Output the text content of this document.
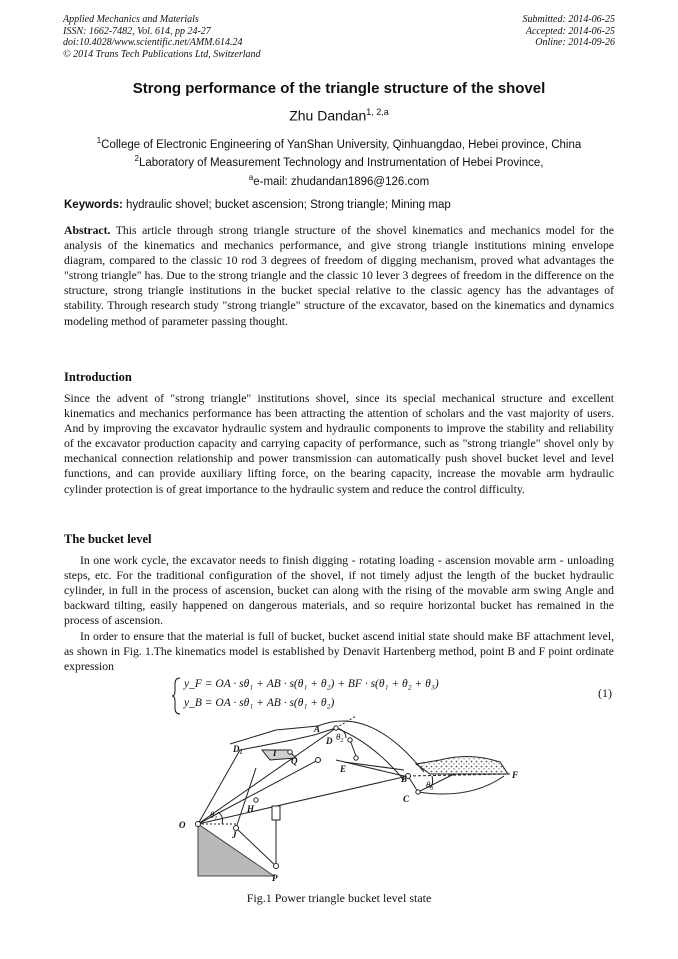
Applied Mechanics and Materials
ISSN: 1662-7482, Vol. 614, pp 24-27
doi:10.4028/www.scientific.net/AMM.614.24
© 2014 Trans Tech Publications Ltd, Switzerland
Submitted: 2014-06-25
Accepted: 2014-06-25
Online: 2014-09-26
Strong performance of the triangle structure of the shovel
Zhu Dandan$^{1, 2,a}$
$^1$College of Electronic Engineering of YanShan University, Qinhuangdao, Hebei province, China
$^2$Laboratory of Measurement Technology and Instrumentation of Hebei Province,
$^a$e-mail: zhudandan1896@126.com
Keywords: hydraulic shovel; bucket ascension; Strong triangle; Mining map
Abstract. This article through strong triangle structure of the shovel kinematics and mechanics model for the analysis of the kinematics and mechanics performance, and give strong triangle institutions mining envelope diagram, compared to the classic 10 rod 3 degrees of freedom of digging mechanism, proved what advantages the "strong triangle" has. Due to the strong triangle and the classic 10 lever 3 degrees of freedom in the difference on the structure, strong triangle institutions in the bucket special relative to the classic agency has the advantages of stability. Through research study "strong triangle" structure of the excavator, based on the kinematics and dynamics modeling method of parameter passing thought.
Introduction
Since the advent of "strong triangle" institutions shovel, since its special mechanical structure and excellent kinematics and mechanics performance has been attracting the attention of scholars and the vast majority of users. And by improving the excavator hydraulic system and hydraulic components to improve the stability and reliability of the excavator production capacity and carrying capacity of performance, such as "strong triangle" shovel only by mechanical connection relationship and power transmission can automatically push shovel bucket level and level functions, and can provide auxiliary lifting force, on the bearing capacity, increase the movable arm hydraulic cylinder protection is of great importance to the hydraulic system and reduce the control difficulty.
The bucket level
In one work cycle, the excavator needs to finish digging - rotating loading - ascension movable arm - unloading steps, etc. For the traditional configuration of the shovel, if not timely adjust the length of the bucket hydraulic cylinder, in full in the process of ascension, bucket can along with the rising of the movable arm swing Angle and backward tilting, easily happened on dangerous materials, and so require horizontal bucket has remained in the process of ascension.
In order to ensure that the material is full of bucket, bucket ascend initial state should make BF attachment level, as shown in Fig. 1.The kinematics model is established by Denavit Hartenberg method, point B and F point ordinate expression
y_F = OA · sθ₁ + AB · s(θ₁ + θ₂) + BF · s(θ₁ + θ₂ + θ₃)
y_B = OA · sθ₁ + AB · s(θ₁ + θ₂)
(1)
A
B
C
D
$D_1$
E
F
H
I
J
O
P
Q
$\theta_1$
$\theta_2$
$\theta_3$
Fig.1 Power triangle bucket level state
